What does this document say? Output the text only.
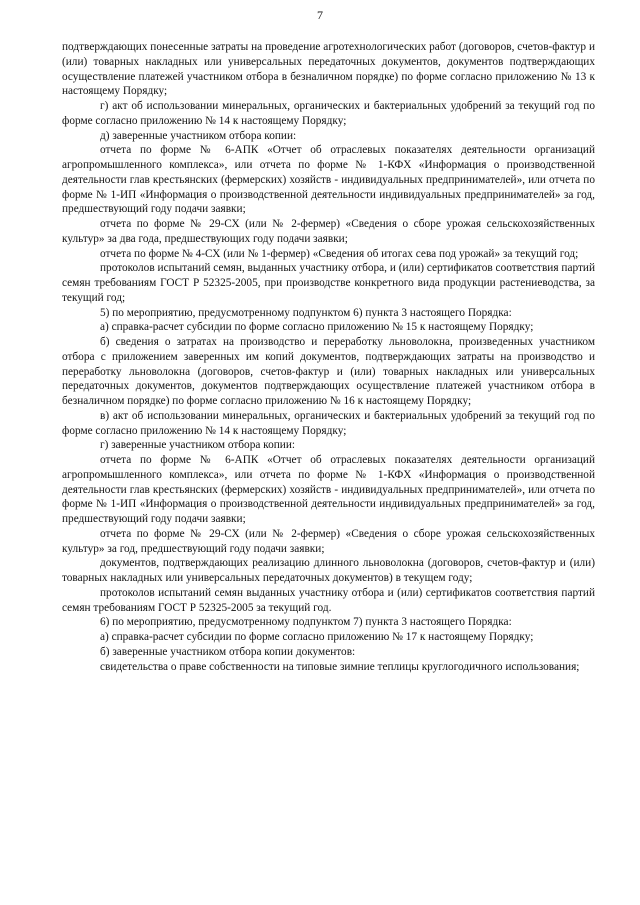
7

подтверждающих понесенные затраты на проведение агротехнологических работ (договоров, счетов-фактур и (или) товарных накладных или универсальных передаточных документов, документов подтверждающих осуществление платежей участником отбора в безналичном порядке) по форме согласно приложению № 13 к настоящему Порядку;

г) акт об использовании минеральных, органических и бактериальных удобрений за текущий год по форме согласно приложению № 14 к настоящему Порядку;

д) заверенные участником отбора копии:

отчета по форме № 6-АПК «Отчет об отраслевых показателях деятельности организаций агропромышленного комплекса», или отчета по форме № 1-КФХ «Информация о производственной деятельности глав крестьянских (фермерских) хозяйств - индивидуальных предпринимателей», или отчета по форме № 1-ИП «Информация о производственной деятельности индивидуальных предпринимателей» за год, предшествующий году подачи заявки;

отчета по форме № 29-СХ (или № 2-фермер) «Сведения о сборе урожая сельскохозяйственных культур» за два года, предшествующих году подачи заявки;

отчета по форме № 4-СХ (или № 1-фермер) «Сведения об итогах сева под урожай» за текущий год;

протоколов испытаний семян, выданных участнику отбора, и (или) сертификатов соответствия партий семян требованиям ГОСТ Р 52325-2005, при производстве конкретного вида продукции растениеводства, за текущий год;

5) по мероприятию, предусмотренному подпунктом 6) пункта 3 настоящего Порядка:

а) справка-расчет субсидии по форме согласно приложению № 15 к настоящему Порядку;

б) сведения о затратах на производство и переработку льноволокна, произведенных участником отбора с приложением заверенных им копий документов, подтверждающих затраты на производство и переработку льноволокна (договоров, счетов-фактур и (или) товарных накладных или универсальных передаточных документов, документов подтверждающих осуществление платежей участником отбора в безналичном порядке) по форме согласно приложению № 16 к настоящему Порядку;

в) акт об использовании минеральных, органических и бактериальных удобрений за текущий год по форме согласно приложению № 14 к настоящему Порядку;

г) заверенные участником отбора копии:

отчета по форме № 6-АПК «Отчет об отраслевых показателях деятельности организаций агропромышленного комплекса», или отчета по форме № 1-КФХ «Информация о производственной деятельности глав крестьянских (фермерских) хозяйств - индивидуальных предпринимателей», или отчета по форме № 1-ИП «Информация о производственной деятельности индивидуальных предпринимателей» за год, предшествующий году подачи заявки;

отчета по форме № 29-СХ (или № 2-фермер) «Сведения о сборе урожая сельскохозяйственных культур» за год, предшествующий году подачи заявки;

документов, подтверждающих реализацию длинного льноволокна (договоров, счетов-фактур и (или) товарных накладных или универсальных передаточных документов) в текущем году;

протоколов испытаний семян выданных участнику отбора и (или) сертификатов соответствия партий семян требованиям ГОСТ Р 52325-2005 за текущий год.

6) по мероприятию, предусмотренному подпунктом 7) пункта 3 настоящего Порядка:

а) справка-расчет субсидии по форме согласно приложению № 17 к настоящему Порядку;

б) заверенные участником отбора копии документов:

свидетельства о праве собственности на типовые зимние теплицы круглогодичного использования;
